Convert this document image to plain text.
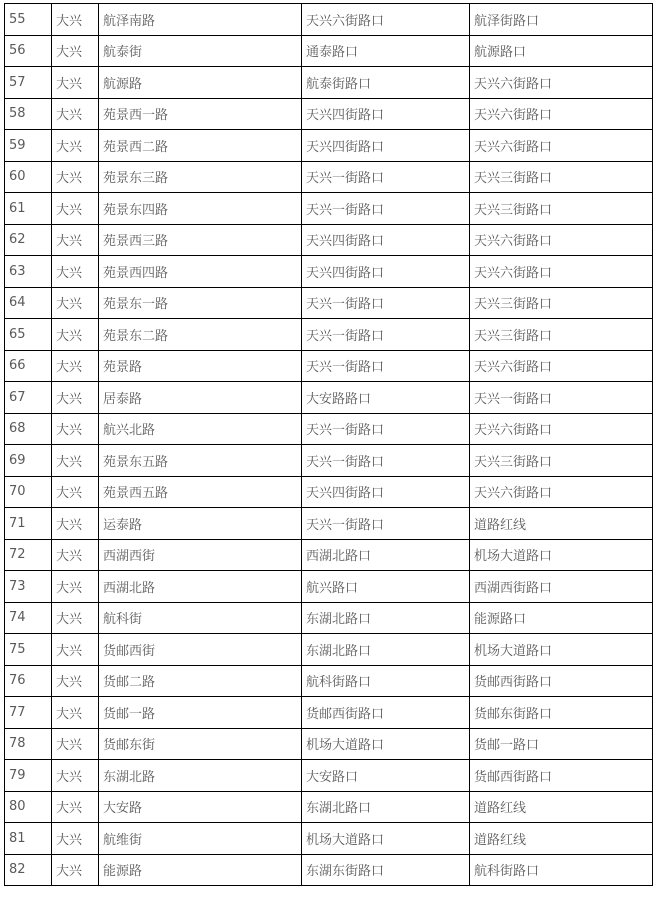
55	大兴	航泽南路	天兴六街路口	航泽街路口
56	大兴	航泰街	通泰路口	航源路口
57	大兴	航源路	航泰街路口	天兴六街路口
58	大兴	苑景西一路	天兴四街路口	天兴六街路口
59	大兴	苑景西二路	天兴四街路口	天兴六街路口
60	大兴	苑景东三路	天兴一街路口	天兴三街路口
61	大兴	苑景东四路	天兴一街路口	天兴三街路口
62	大兴	苑景西三路	天兴四街路口	天兴六街路口
63	大兴	苑景西四路	天兴四街路口	天兴六街路口
64	大兴	苑景东一路	天兴一街路口	天兴三街路口
65	大兴	苑景东二路	天兴一街路口	天兴三街路口
66	大兴	苑景路	天兴一街路口	天兴六街路口
67	大兴	居泰路	大安路路口	天兴一街路口
68	大兴	航兴北路	天兴一街路口	天兴六街路口
69	大兴	苑景东五路	天兴一街路口	天兴三街路口
70	大兴	苑景西五路	天兴四街路口	天兴六街路口
71	大兴	运泰路	天兴一街路口	道路红线
72	大兴	西湖西街	西湖北路口	机场大道路口
73	大兴	西湖北路	航兴路口	西湖西街路口
74	大兴	航科街	东湖北路口	能源路口
75	大兴	货邮西街	东湖北路口	机场大道路口
76	大兴	货邮二路	航科街路口	货邮西街路口
77	大兴	货邮一路	货邮西街路口	货邮东街路口
78	大兴	货邮东街	机场大道路口	货邮一路口
79	大兴	东湖北路	大安路口	货邮西街路口
80	大兴	大安路	东湖北路口	道路红线
81	大兴	航维街	机场大道路口	道路红线
82	大兴	能源路	东湖东街路口	航科街路口
